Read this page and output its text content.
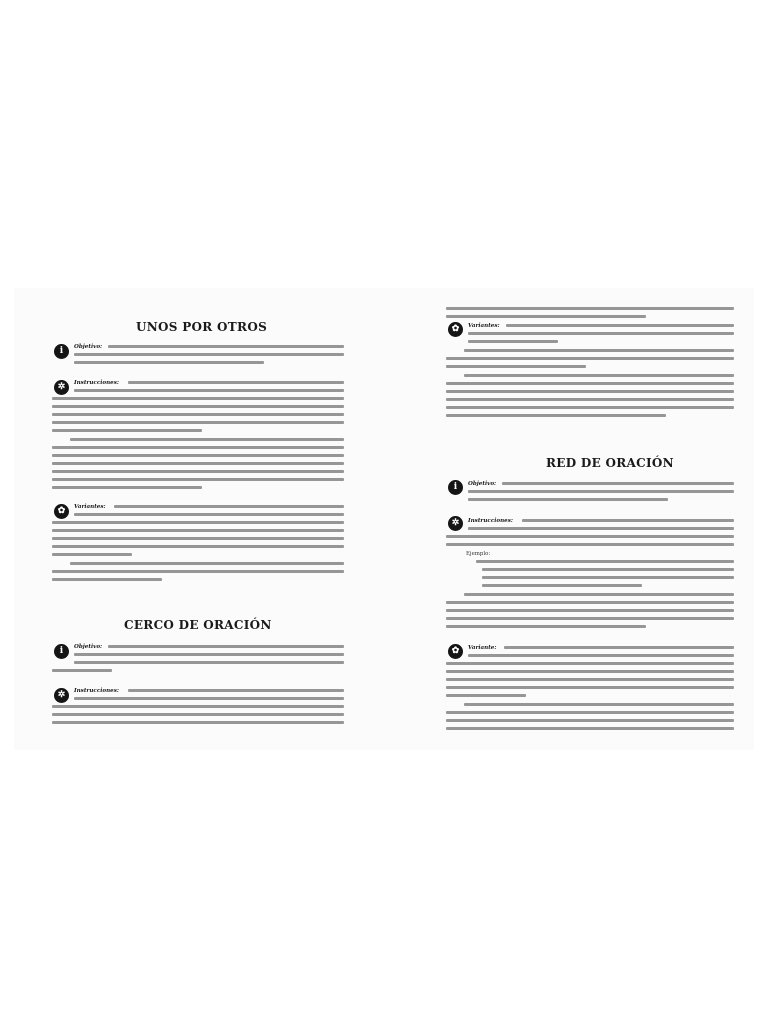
UNOS POR OTROS
i	Objetivo:
✲	Instrucciones:
✿	Variantes:
CERCO DE ORACIÓN
i	Objetivo:
✲	Instrucciones:
✿	Variantes:
RED DE ORACIÓN
i	Objetivo:
✲	Instrucciones:
Ejemplo:
✿	Variante:
